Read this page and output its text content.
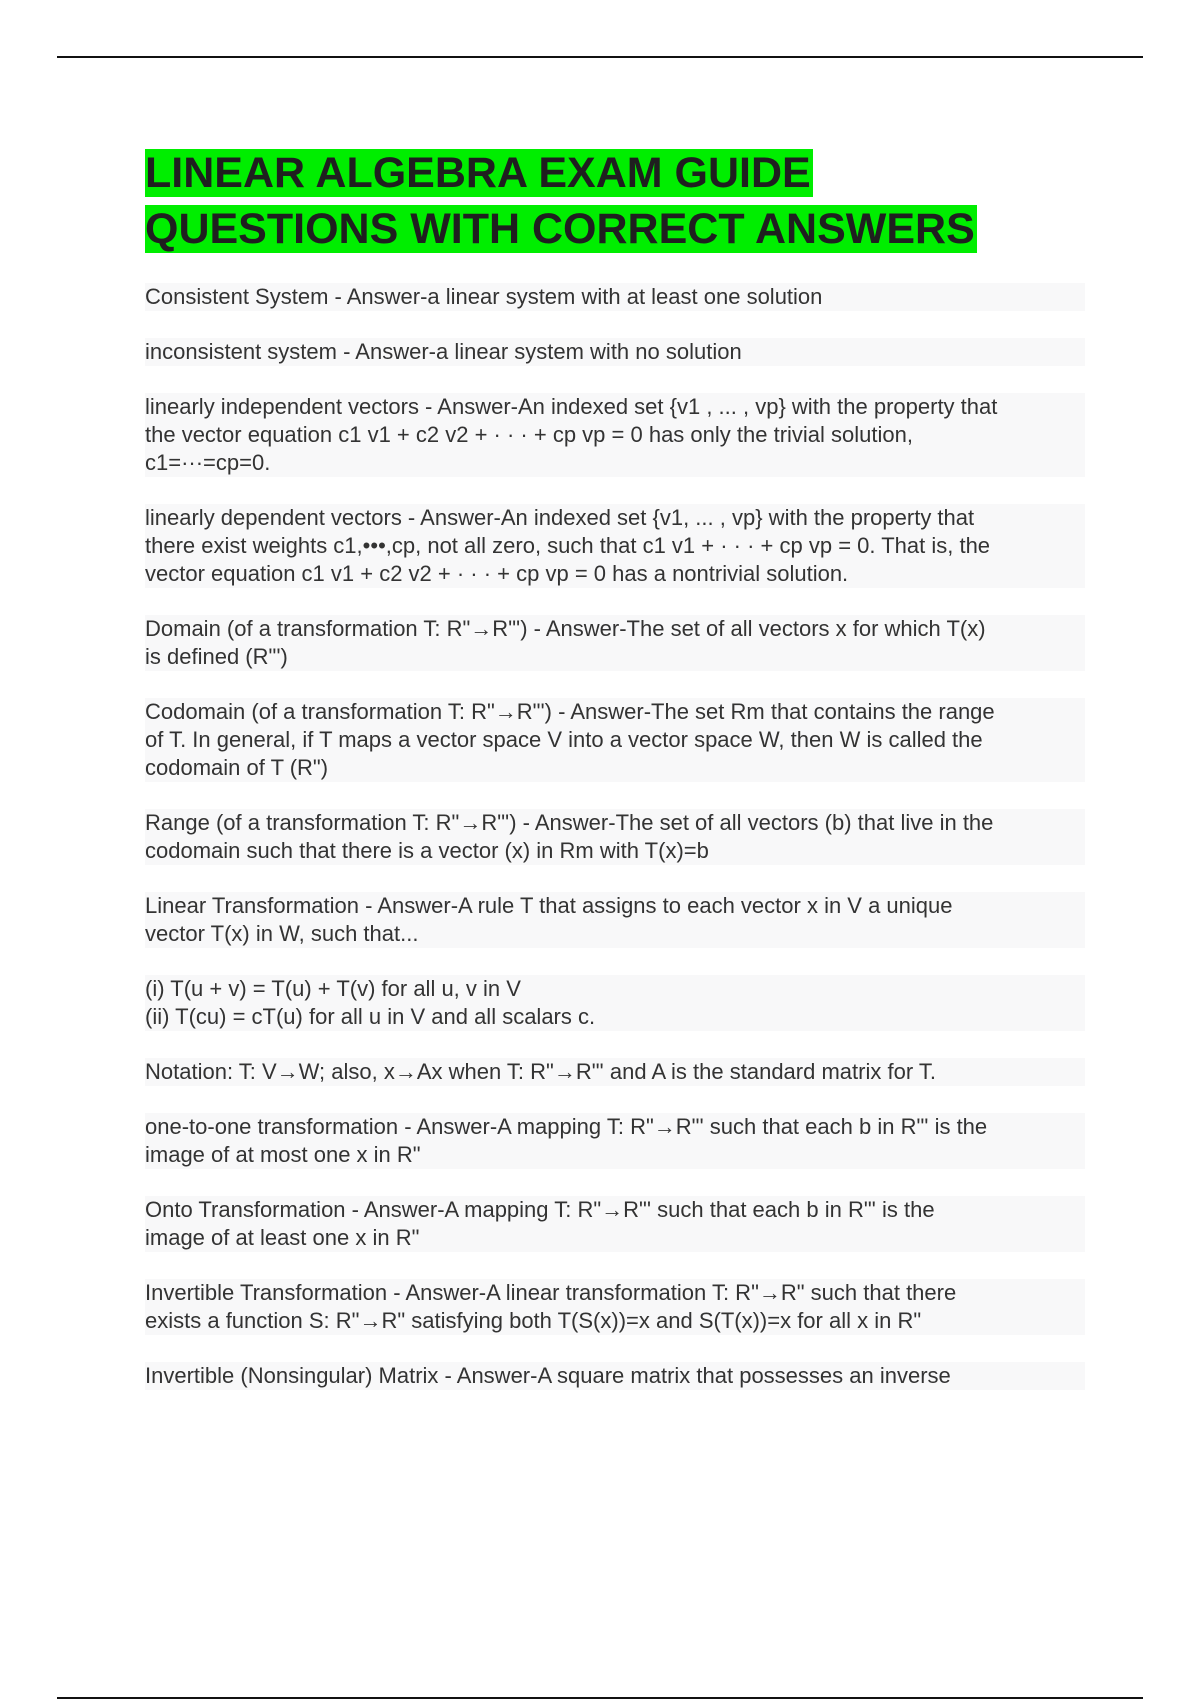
LINEAR ALGEBRA EXAM GUIDE
QUESTIONS WITH CORRECT ANSWERS

Consistent System - Answer-a linear system with at least one solution

inconsistent system - Answer-a linear system with no solution

linearly independent vectors - Answer-An indexed set {v1 , ... , vp} with the property that
the vector equation c1 v1 + c2 v2 + · · · + cp vp = 0 has only the trivial solution,
c1=···=cp=0.

linearly dependent vectors - Answer-An indexed set {v1, ... , vp} with the property that
there exist weights c1,•••,cp, not all zero, such that c1 v1 + · · · + cp vp = 0. That is, the
vector equation c1 v1 + c2 v2 + · · · + cp vp = 0 has a nontrivial solution.

Domain (of a transformation T: R"→R"') - Answer-The set of all vectors x for which T(x)
is defined (R"')

Codomain (of a transformation T: R"→R"') - Answer-The set Rm that contains the range
of T. In general, if T maps a vector space V into a vector space W, then W is called the
codomain of T (R")

Range (of a transformation T: R"→R"') - Answer-The set of all vectors (b) that live in the
codomain such that there is a vector (x) in Rm with T(x)=b

Linear Transformation - Answer-A rule T that assigns to each vector x in V a unique
vector T(x) in W, such that...

(i) T(u + v) = T(u) + T(v) for all u, v in V
(ii) T(cu) = cT(u) for all u in V and all scalars c.

Notation: T: V→W; also, x→Ax when T: R"→R"' and A is the standard matrix for T.

one-to-one transformation - Answer-A mapping T: R"→R"' such that each b in R"' is the
image of at most one x in R"

Onto Transformation - Answer-A mapping T: R"→R"' such that each b in R"' is the
image of at least one x in R"

Invertible Transformation - Answer-A linear transformation T: R"→R" such that there
exists a function S: R"→R" satisfying both T(S(x))=x and S(T(x))=x for all x in R"

Invertible (Nonsingular) Matrix - Answer-A square matrix that possesses an inverse
